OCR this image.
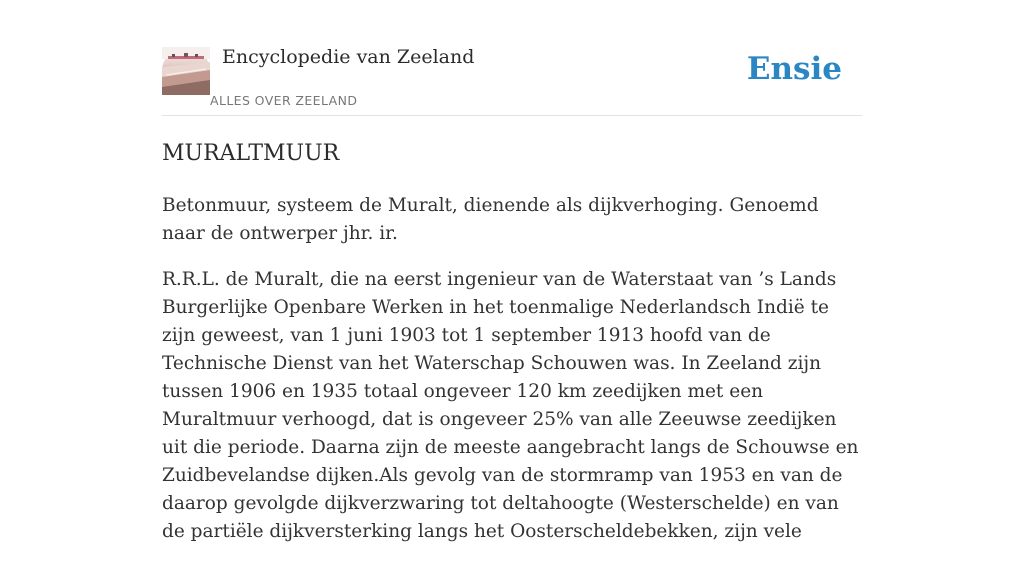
Encyclopedie van Zeeland
ALLES OVER ZEELAND
Ensie
MURALTMUUR

Betonmuur, systeem de Muralt, dienende als dijkverhoging. Genoemd naar de ontwerper jhr. ir.

R.R.L. de Muralt, die na eerst ingenieur van de Waterstaat van ’s Lands Burgerlijke Openbare Werken in het toenmalige Nederlandsch Indië te zijn geweest, van 1 juni 1903 tot 1 september 1913 hoofd van de Technische Dienst van het Waterschap Schouwen was. In Zeeland zijn tussen 1906 en 1935 totaal ongeveer 120 km zeedijken met een Muraltmuur verhoogd, dat is ongeveer 25% van alle Zeeuwse zeedijken uit die periode. Daarna zijn de meeste aangebracht langs de Schouwse en Zuidbevelandse dijken.Als gevolg van de stormramp van 1953 en van de daarop gevolgde dijkverzwaring tot deltahoogte (Westerschelde) en van de partiële dijkversterking langs het Oosterscheldebekken, zijn vele
